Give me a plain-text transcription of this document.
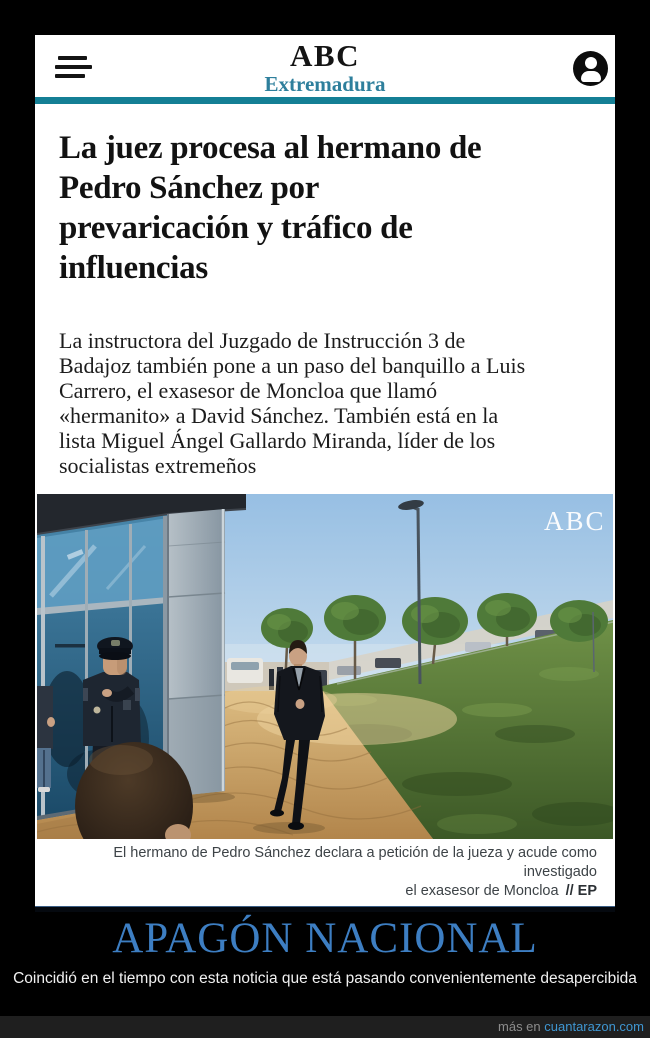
ABC
Extremadura
La juez procesa al hermano de
Pedro Sánchez por
prevaricación y tráfico de
influencias

La instructora del Juzgado de Instrucción 3 de
Badajoz también pone a un paso del banquillo a Luis
Carrero, el exasesor de Moncloa que llamó
«hermanito» a David Sánchez. También está en la
lista Miguel Ángel Gallardo Miranda, líder de los
socialistas extremeños

ABC
El hermano de Pedro Sánchez declara a petición de la jueza y acude como investigado
el exasesor de Moncloa // EP
APAGÓN NACIONAL
Coincidió en el tiempo con esta noticia que está pasando convenientemente desapercibida
más en cuantarazon.com
